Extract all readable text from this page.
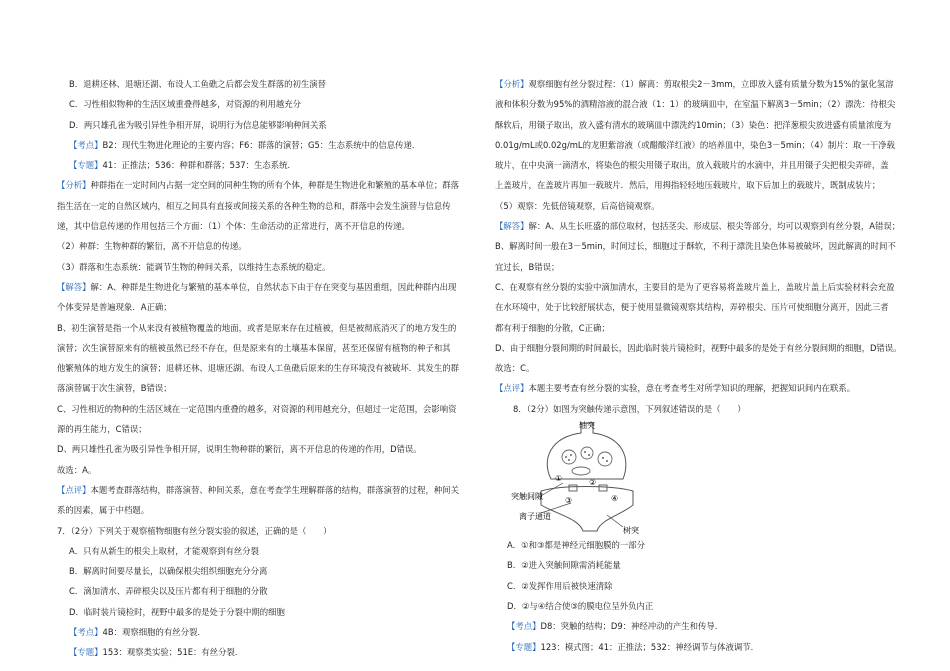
B．退耕还林、退塘还湖、布设人工鱼礁之后都会发生群落的初生演替
C．习性相似物种的生活区域重叠得越多，对资源的利用越充分
D．两只雄孔雀为吸引异性争相开屏，说明行为信息能够影响种间关系
【考点】B2：现代生物进化理论的主要内容；F6：群落的演替；G5：生态系统中的信息传递．
【专题】41：正推法；536：种群和群落；537：生态系统．
【分析】种群指在一定时间内占据一定空间的同种生物的所有个体，种群是生物进化和繁殖的基本单位；群落
指生活在一定的自然区域内，相互之间具有直接或间接关系的各种生物的总和，群落中会发生演替与信息传
递，其中信息传递的作用包括三个方面：（1）个体：生命活动的正常进行，离不开信息的传递。
（2）种群：生物种群的繁衍，离不开信息的传递。
（3）群落和生态系统：能调节生物的种间关系，以维持生态系统的稳定。
【解答】解：A、种群是生物进化与繁殖的基本单位，自然状态下由于存在突变与基因重组，因此种群内出现
个体变异是普遍现象．A正确；
B、初生演替是指一个从来没有被植物覆盖的地面，或者是原来存在过植被，但是被彻底消灭了的地方发生的
演替；次生演替原来有的植被虽然已经不存在，但是原来有的土壤基本保留，甚至还保留有植物的种子和其
他繁殖体的地方发生的演替；退耕还林、退塘还湖、布设人工鱼礁后原来的生存环境没有被破坏．其发生的群
落演替属于次生演替，B错误；
C、习性相近的物种的生活区域在一定范围内重叠的越多，对资源的利用越充分，但超过一定范围，会影响资
源的再生能力，C错误；
D、两只雄性孔雀为吸引异性争相开屏，说明生物种群的繁衍，离不开信息的传递的作用，D错误。
故选：A。
【点评】本题考查群落结构，群落演替、种间关系，意在考查学生理解群落的结构，群落演替的过程，种间关
系的因素，属于中档题。
7．（2分）下列关于观察植物细胞有丝分裂实验的叙述，正确的是（　　）
A．只有从新生的根尖上取材，才能观察到有丝分裂
B．解离时间要尽量长，以确保根尖组织细胞充分分离
C．滴加清水、弄碎根尖以及压片都有利于细胞的分散
D．临时装片镜检时，视野中最多的是处于分裂中期的细胞
【考点】4B：观察细胞的有丝分裂．
【专题】153：观察类实验；51E：有丝分裂．
【分析】观察细胞有丝分裂过程：（1）解离：剪取根尖2－3mm，立即放入盛有质量分数为15%的氯化氢溶
液和体积分数为95%的酒精溶液的混合液（1：1）的玻璃皿中，在室温下解离3－5min；（2）漂洗：待根尖
酥软后，用镊子取出，放入盛有清水的玻璃皿中漂洗约10min；（3）染色：把洋葱根尖放进盛有质量浓度为
0.01g/mL或0.02g/mL的龙胆紫溶液（或醋酸洋红液）的培养皿中，染色3－5min；（4）制片：取一干净载
玻片，在中央滴一滴清水，将染色的根尖用镊子取出，放入载玻片的水滴中，并且用镊子尖把根尖弄碎，盖
上盖玻片，在盖玻片再加一载玻片．然后，用拇指轻轻地压载玻片，取下后加上的载玻片，既制成装片；
（5）观察：先低倍镜观察，后高倍镜观察。
【解答】解：A、从生长旺盛的部位取材，包括茎尖、形成层、根尖等部分，均可以观察到有丝分裂，A错误；
B、解离时间一般在3－5min，时间过长，细胞过于酥软，不利于漂洗且染色体易被破坏，因此解离的时间不
宜过长，B错误；
C、在观察有丝分裂的实验中滴加清水，主要目的是为了更容易将盖玻片盖上，盖玻片盖上后实验材料会充盈
在水环境中，处于比较舒展状态，便于使用显微镜观察其结构，弄碎根尖、压片可使细胞分离开，因此三者
都有利于细胞的分散，C正确；
D、由于细胞分裂间期的时间最长，因此临时装片镜检时，视野中最多的是处于有丝分裂间期的细胞，D错误。
故选：C。
【点评】本题主要考查有丝分裂的实验，意在考查考生对所学知识的理解，把握知识间内在联系。
8．（2分）如图为突触传递示意图，下列叙述错误的是（　　）
轴突
突触间隙
离子通道
树突
①	②
③	④
A．①和③都是神经元细胞膜的一部分
B．②进入突触间隙需消耗能量
C．②发挥作用后被快速清除
D．②与④结合使③的膜电位呈外负内正
【考点】D8：突触的结构；D9：神经冲动的产生和传导．
【专题】123：模式图；41：正推法；532：神经调节与体液调节．
